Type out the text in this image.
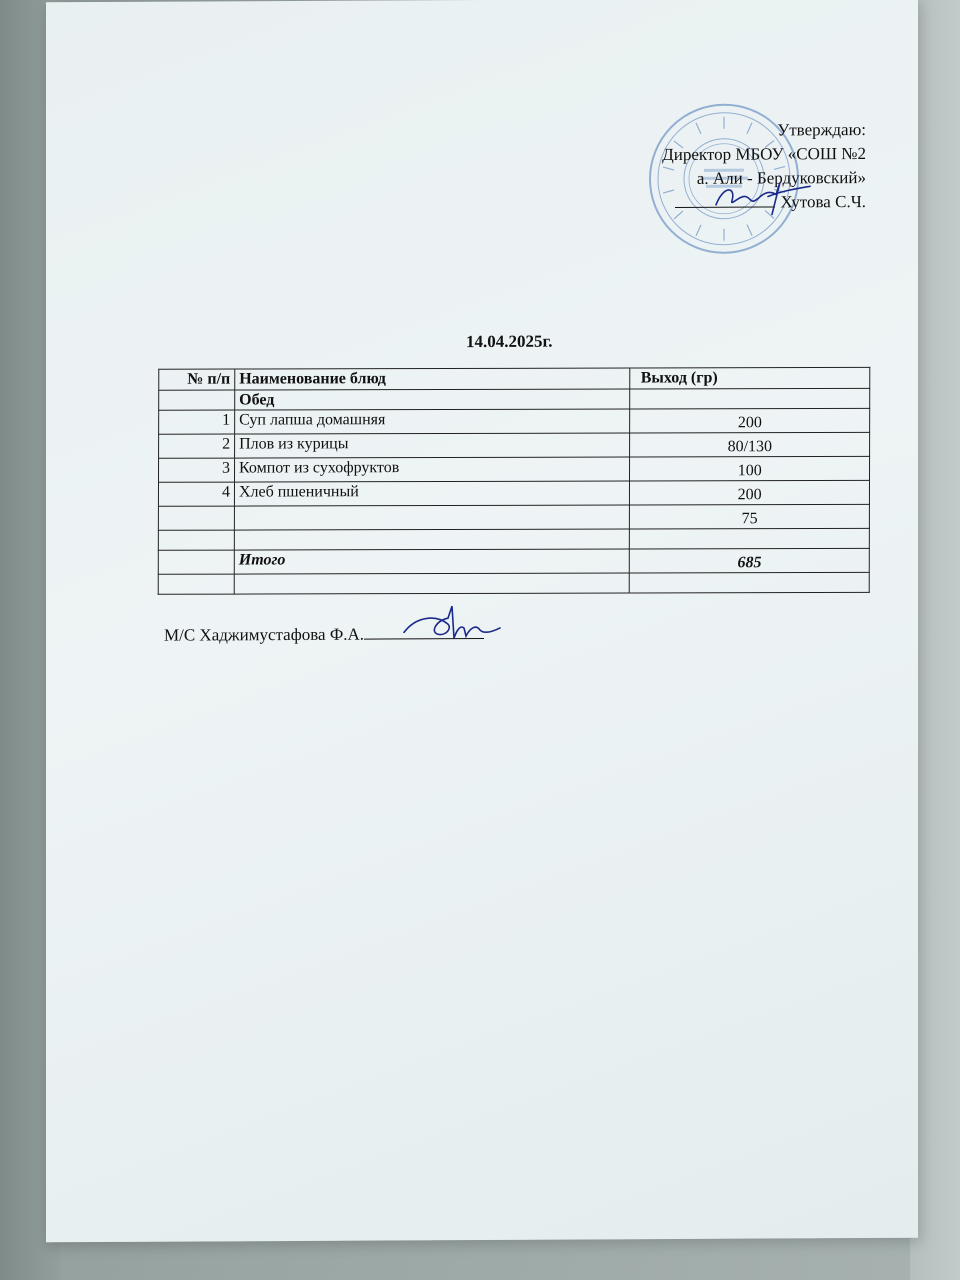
Утверждаю:
Директор МБОУ «СОШ №2
а. Али - Бердуковский»
Хутова С.Ч.
14.04.2025г.
№ п/п	Наименование блюд	Выход (гр)
	Обед	
1	Суп лапша домашняя	200
2	Плов из курицы	80/130
3	Компот из сухофруктов	100
4	Хлеб пшеничный	200
		75

	Итого	685

М/С Хаджимустафова Ф.А.
